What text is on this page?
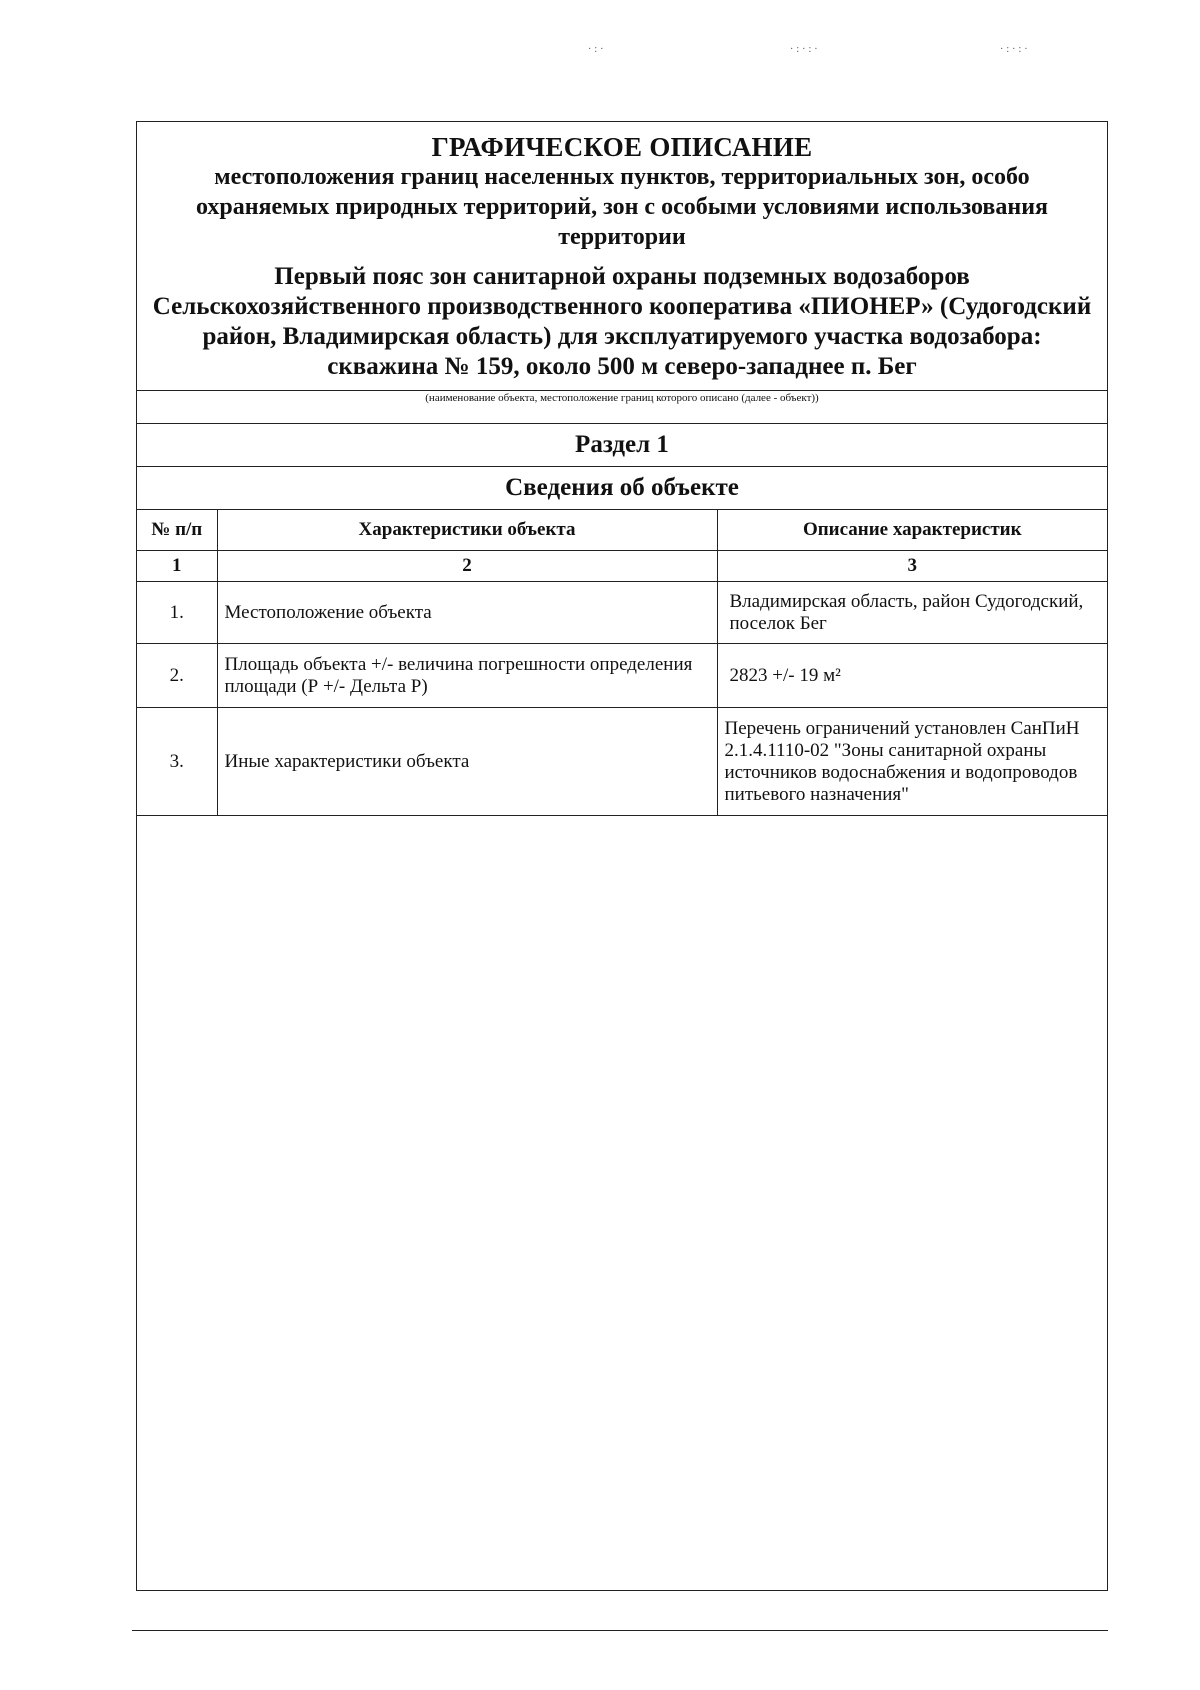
ГРАФИЧЕСКОЕ ОПИСАНИЕ
местоположения границ населенных пунктов, территориальных зон, особо охраняемых природных территорий, зон с особыми условиями использования территории
Первый пояс зон санитарной охраны подземных водозаборов Сельскохозяйственного производственного кооператива «ПИОНЕР» (Судогодский район, Владимирская область) для эксплуатируемого участка водозабора: скважина № 159, около 500 м северо-западнее п. Бег
(наименование объекта, местоположение границ которого описано (далее - объект))
Раздел 1
Сведения об объекте
№ п/п	Характеристики объекта	Описание характеристик
1	2	3
1.	Местоположение объекта	Владимирская область, район Судогодский, поселок Бег
2.	Площадь объекта +/- величина погрешности определения площади (Р +/- Дельта Р)	2823 +/- 19 м²
3.	Иные характеристики объекта	Перечень ограничений установлен СанПиН 2.1.4.1110-02 "Зоны санитарной охраны источников водоснабжения и водопроводов питьевого назначения"
·:·	·:·:·	·:·:·
